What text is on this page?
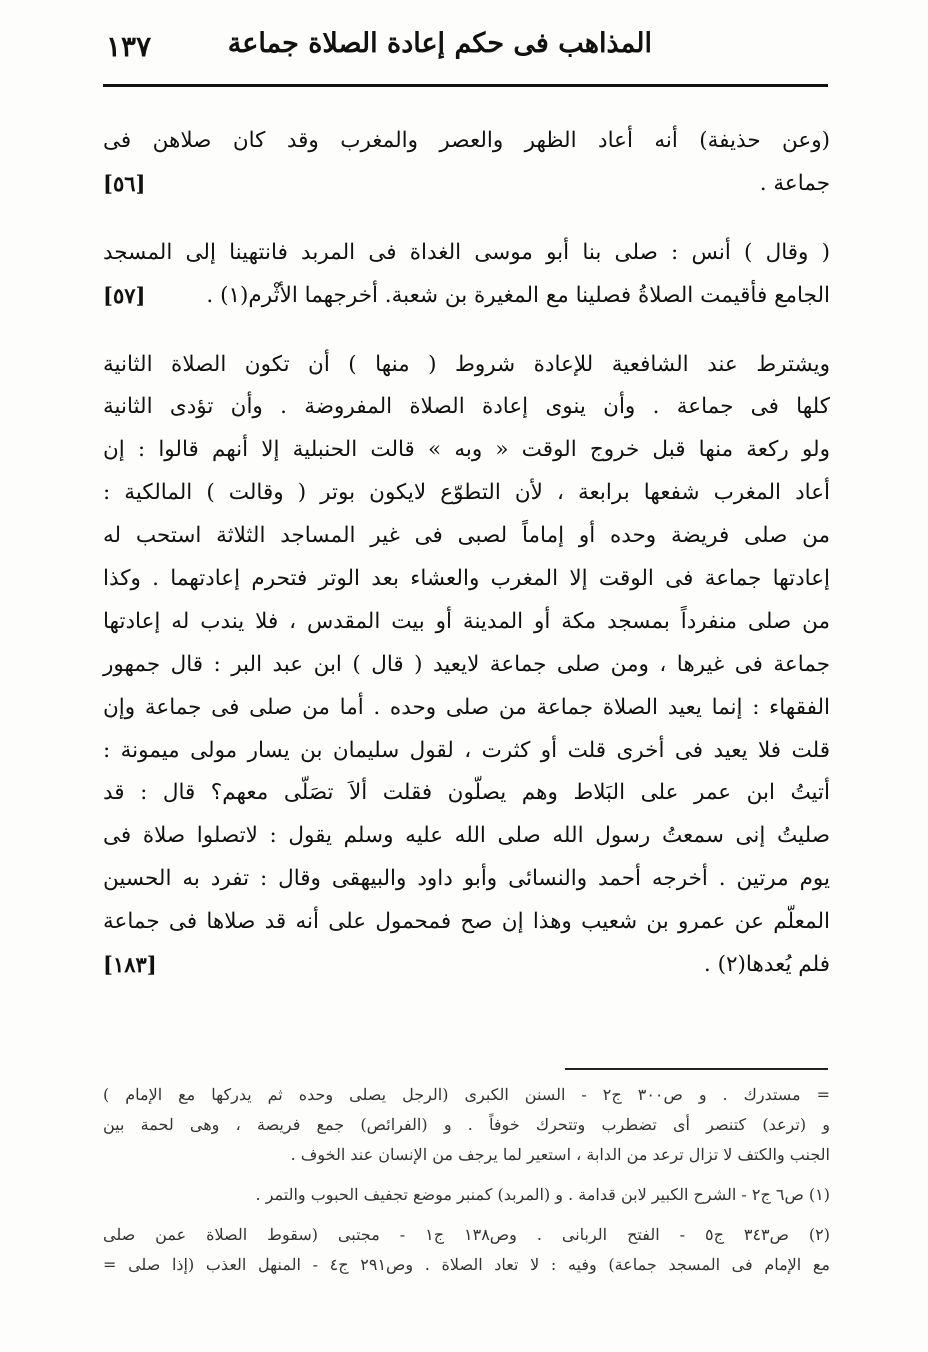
المذاهب فى حكم إعادة الصلاة جماعة
١٣٧
(وعن حذيفة) أنه أعاد الظهر والعصر والمغرب وقد كان صلاهن فى
جماعة .
[٥٦]
( وقال ) أنس : صلى بنا أبو موسى الغداة فى المربد فانتهينا إلى المسجد
الجامع فأقيمت الصلاةُ فصلينا مع المغيرة بن شعبة. أخرجهما الأثْرم(١) .
[٥٧]
ويشترط عند الشافعية للإعادة شروط ( منها ) أن تكون الصلاة الثانية
كلها فى جماعة . وأن ينوى إعادة الصلاة المفروضة . وأن تؤدى الثانية
ولو ركعة منها قبل خروج الوقت « وبه » قالت الحنبلية إلا أنهم قالوا : إن
أعاد المغرب شفعها برابعة ، لأن التطوّع لايكون بوتر ( وقالت ) المالكية :
من صلى فريضة وحده أو إماماً لصبى فى غير المساجد الثلاثة استحب له
إعادتها جماعة فى الوقت إلا المغرب والعشاء بعد الوتر فتحرم إعادتهما . وكذا
من صلى منفرداً بمسجد مكة أو المدينة أو بيت المقدس ، فلا يندب له إعادتها
جماعة فى غيرها ، ومن صلى جماعة لايعيد ( قال ) ابن عبد البر : قال جمهور
الفقهاء : إنما يعيد الصلاة جماعة من صلى وحده . أما من صلى فى جماعة وإن
قلت فلا يعيد فى أخرى قلت أو كثرت ، لقول سليمان بن يسار مولى ميمونة :
أتيتُ ابن عمر على البَلاط وهم يصلّون فقلت ألاَ تصَلّى معهم؟ قال : قد
صليتُ إنى سمعتُ رسول الله صلى الله عليه وسلم يقول : لاتصلوا صلاة فى
يوم مرتين . أخرجه أحمد والنسائى وأبو داود والبيهقى وقال : تفرد به الحسين
المعلّم عن عمرو بن شعيب وهذا إن صح فمحمول على أنه قد صلاها فى جماعة
فلم يُعدها(٢) .
[١٨٣]
= مستدرك . و ص٣٠٠ ج٢ - السنن الكبرى (الرجل يصلى وحده ثم يدركها مع الإمام )
و (ترعد) كتنصر أى تضطرب وتتحرك خوفاً . و (الفرائص) جمع فريصة ، وهى لحمة بين
الجنب والكتف لا تزال ترعد من الدابة ، استعير لما يرجف من الإنسان عند الخوف .
(١) ص٦ ج٢ - الشرح الكبير لابن قدامة . و (المربد) كمنبر موضع تجفيف الحبوب والتمر .
(٢) ص٣٤٣ ج٥ - الفتح الربانى . وص١٣٨ ج١ - مجتبى (سقوط الصلاة عمن صلى
مع الإمام فى المسجد جماعة) وفيه : لا تعاد الصلاة . وص٢٩١ ج٤ - المنهل العذب (إذا صلى =
